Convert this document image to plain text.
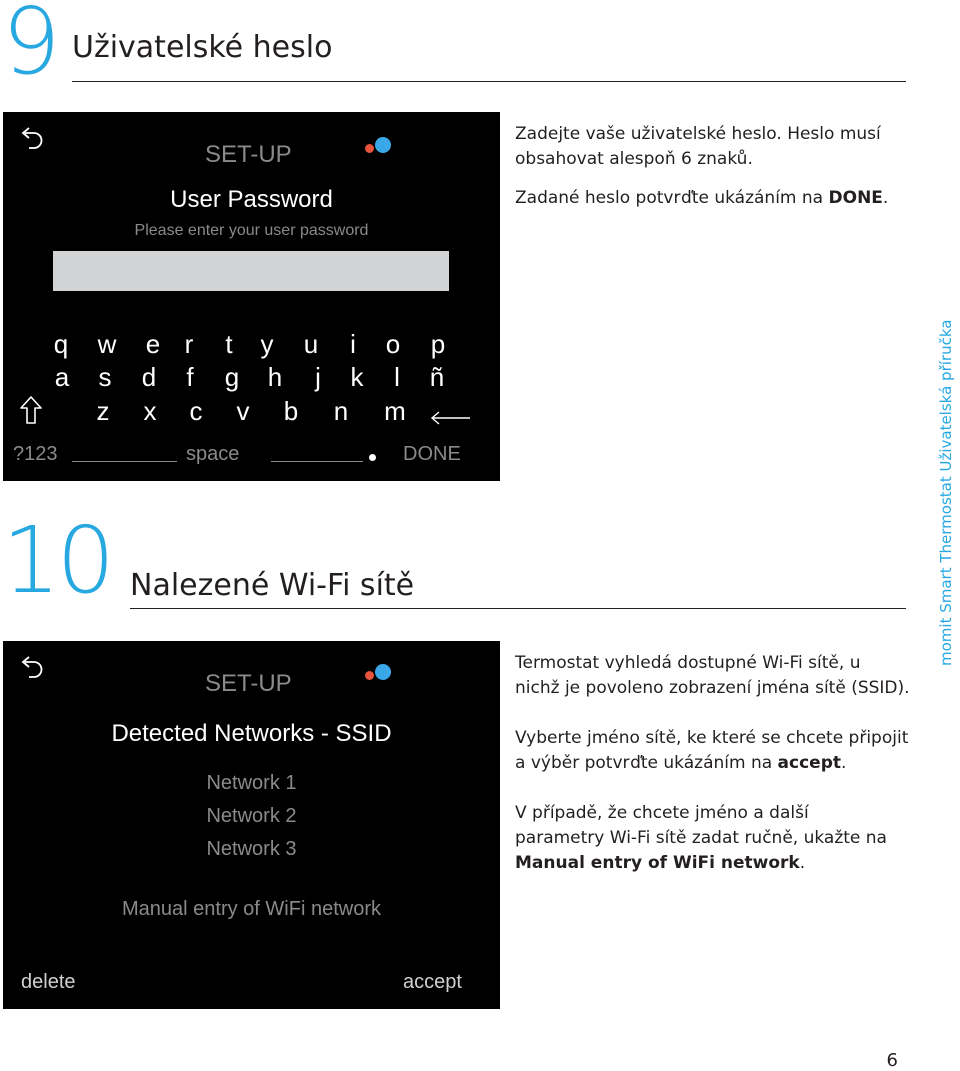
9 Uživatelské heslo
SET-UP
User Password
Please enter your user password
q w e r	t	y	u	i	o p
a	s	d	f	g h	j	k	l	ñ
z	x	c	v	b n m
?123	space	DONE
Zadejte vaše uživatelské heslo. Heslo musí obsahovat alespoň 6 znaků.
Zadané heslo potvrďte ukázáním na DONE.
10 Nalezené Wi-Fi sítě
SET-UP
Detected Networks - SSID
Network 1
Network 2
Network 3
Manual entry of WiFi network
delete	accept
Termostat vyhledá dostupné Wi-Fi sítě, u nichž je povoleno zobrazení jména sítě (SSID).
Vyberte jméno sítě, ke které se chcete připojit a výběr potvrďte ukázáním na accept.
V případě, že chcete jméno a další parametry Wi-Fi sítě zadat ručně, ukažte na Manual entry of WiFi network.
momit Smart Thermostat Uživatelská příručka
6
